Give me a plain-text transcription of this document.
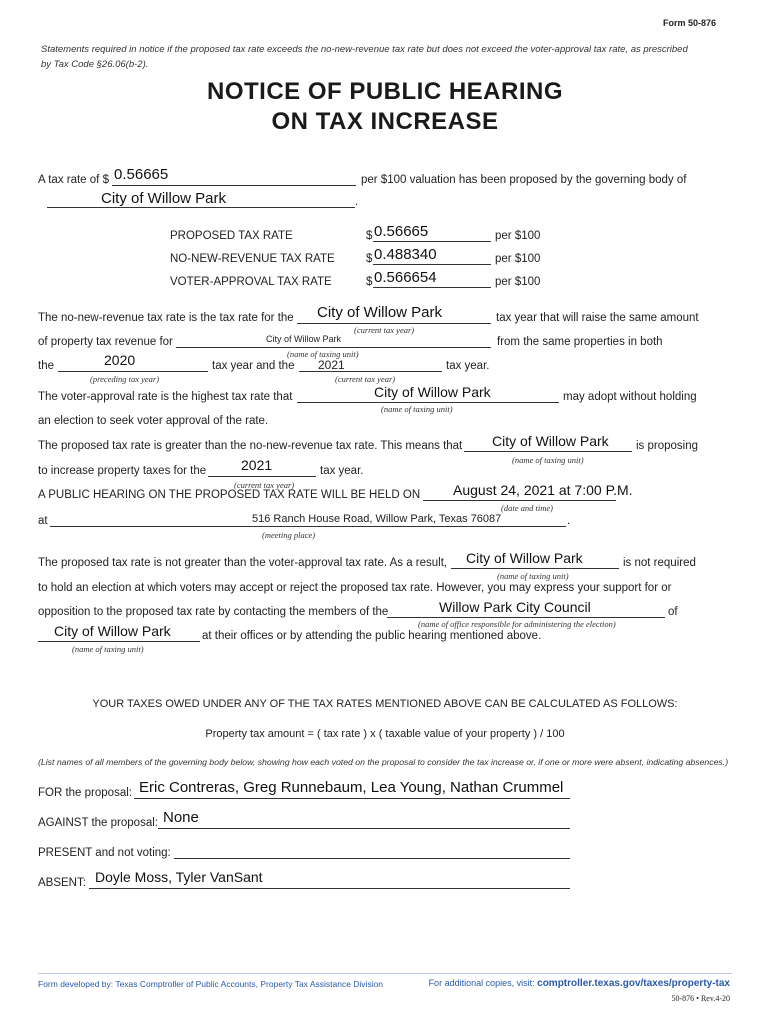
Form 50-876
Statements required in notice if the proposed tax rate exceeds the no-new-revenue tax rate but does not exceed the voter-approval tax rate, as prescribed
by Tax Code §26.06(b-2).
NOTICE OF PUBLIC HEARING
ON TAX INCREASE
A tax rate of $ 0.56665	per $100 valuation has been proposed by the governing body of
City of Willow Park	.
PROPOSED TAX RATE	$ 0.56665	per $100
NO-NEW-REVENUE TAX RATE	$ 0.488340	per $100
VOTER-APPROVAL TAX RATE	$ 0.566654	per $100
The no-new-revenue tax rate is the tax rate for the City of Willow Park	tax year that will raise the same amount
(current tax year)
of property tax revenue for	City of Willow Park	from the same properties in both
(name of taxing unit)
the	2020	tax year and the 2021	tax year.
(preceding tax year)	(current tax year)
The voter-approval rate is the highest tax rate that	City of Willow Park	may adopt without holding
(name of taxing unit)
an election to seek voter approval of the rate.
The proposed tax rate is greater than the no-new-revenue tax rate. This means that City of Willow Park is proposing
(name of taxing unit)
to increase property taxes for the 2021	tax year.
(current tax year)
A PUBLIC HEARING ON THE PROPOSED TAX RATE WILL BE HELD ON August 24, 2021 at 7:00 P.M.
(date and time)
at	516 Ranch House Road, Willow Park, Texas 76087	.
(meeting place)
The proposed tax rate is not greater than the voter-approval tax rate. As a result, City of Willow Park	is not required
(name of taxing unit)
to hold an election at which voters may accept or reject the proposed tax rate. However, you may express your support for or
opposition to the proposed tax rate by contacting the members of the	Willow Park City Council	of
(name of office responsible for administering the election)
City of Willow Park	at their offices or by attending the public hearing mentioned above.
(name of taxing unit)
YOUR TAXES OWED UNDER ANY OF THE TAX RATES MENTIONED ABOVE CAN BE CALCULATED AS FOLLOWS:
Property tax amount = ( tax rate ) x ( taxable value of your property ) / 100
(List names of all members of the governing body below, showing how each voted on the proposal to consider the tax increase or, if one or more were absent, indicating absences.)
FOR the proposal: Eric Contreras, Greg Runnebaum, Lea Young, Nathan Crummel
AGAINST the proposal: None
PRESENT and not voting:
ABSENT: Doyle Moss, Tyler VanSant
Form developed by: Texas Comptroller of Public Accounts, Property Tax Assistance Division	For additional copies, visit: comptroller.texas.gov/taxes/property-tax
50-876 • Rev.4-20
